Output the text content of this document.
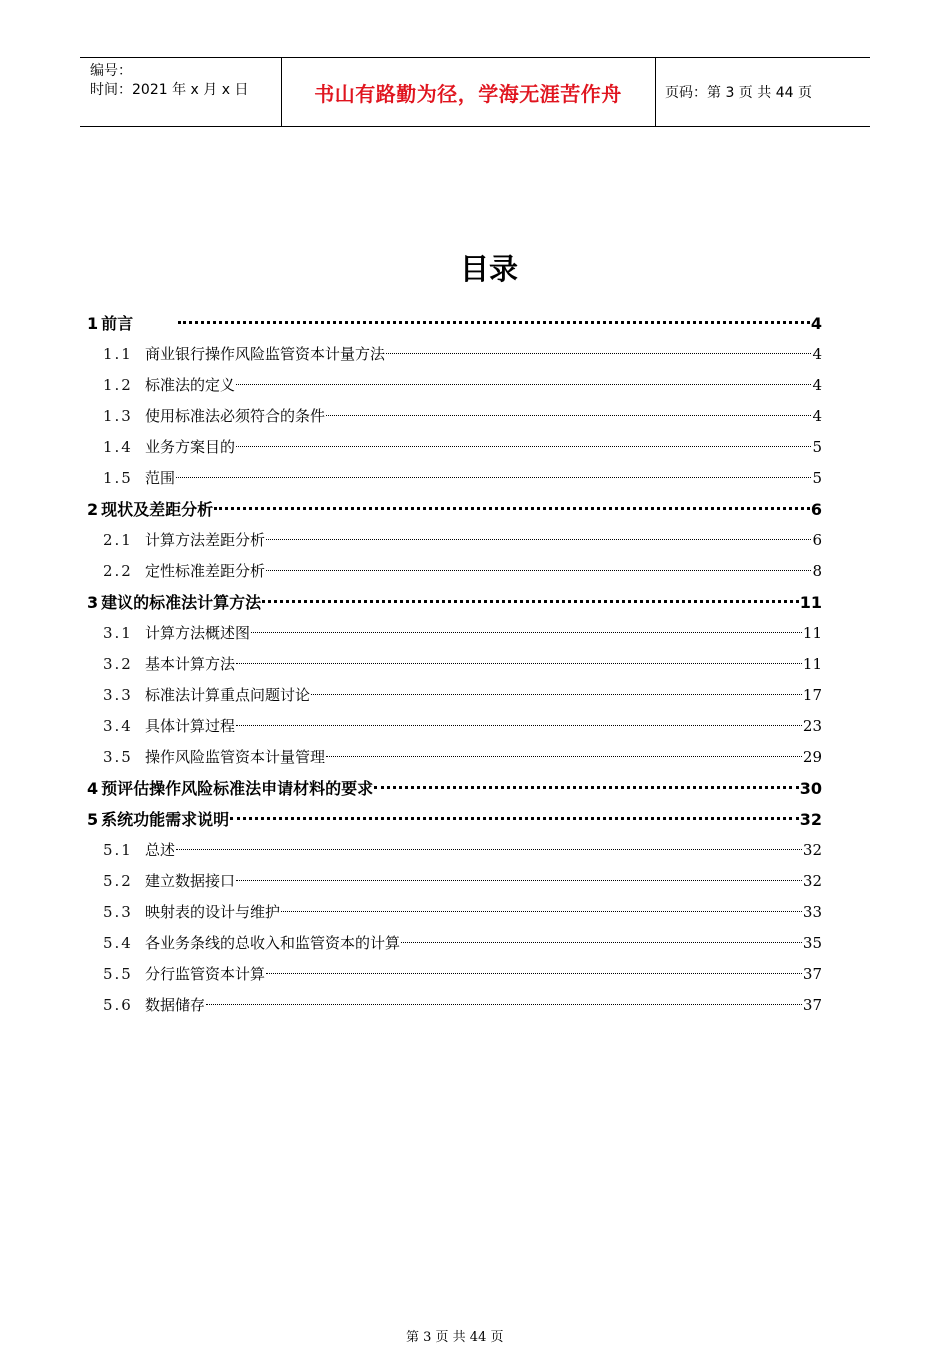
编号：
时间：2021 年 x 月 x 日	书山有路勤为径，学海无涯苦作舟	页码：第 3 页 共 44 页
目录
1 前言	4
1.1 商业银行操作风险监管资本计量方法	4
1.2 标准法的定义	4
1.3 使用标准法必须符合的条件	4
1.4 业务方案目的	5
1.5 范围	5
2 现状及差距分析	6
2.1 计算方法差距分析	6
2.2 定性标准差距分析	8
3 建议的标准法计算方法	11
3.1 计算方法概述图	11
3.2 基本计算方法	11
3.3 标准法计算重点问题讨论	17
3.4 具体计算过程	23
3.5 操作风险监管资本计量管理	29
4 预评估操作风险标准法申请材料的要求	30
5 系统功能需求说明	32
5.1 总述	32
5.2 建立数据接口	32
5.3 映射表的设计与维护	33
5.4 各业务条线的总收入和监管资本的计算	35
5.5 分行监管资本计算	37
5.6 数据储存	37
第 3 页 共 44 页
